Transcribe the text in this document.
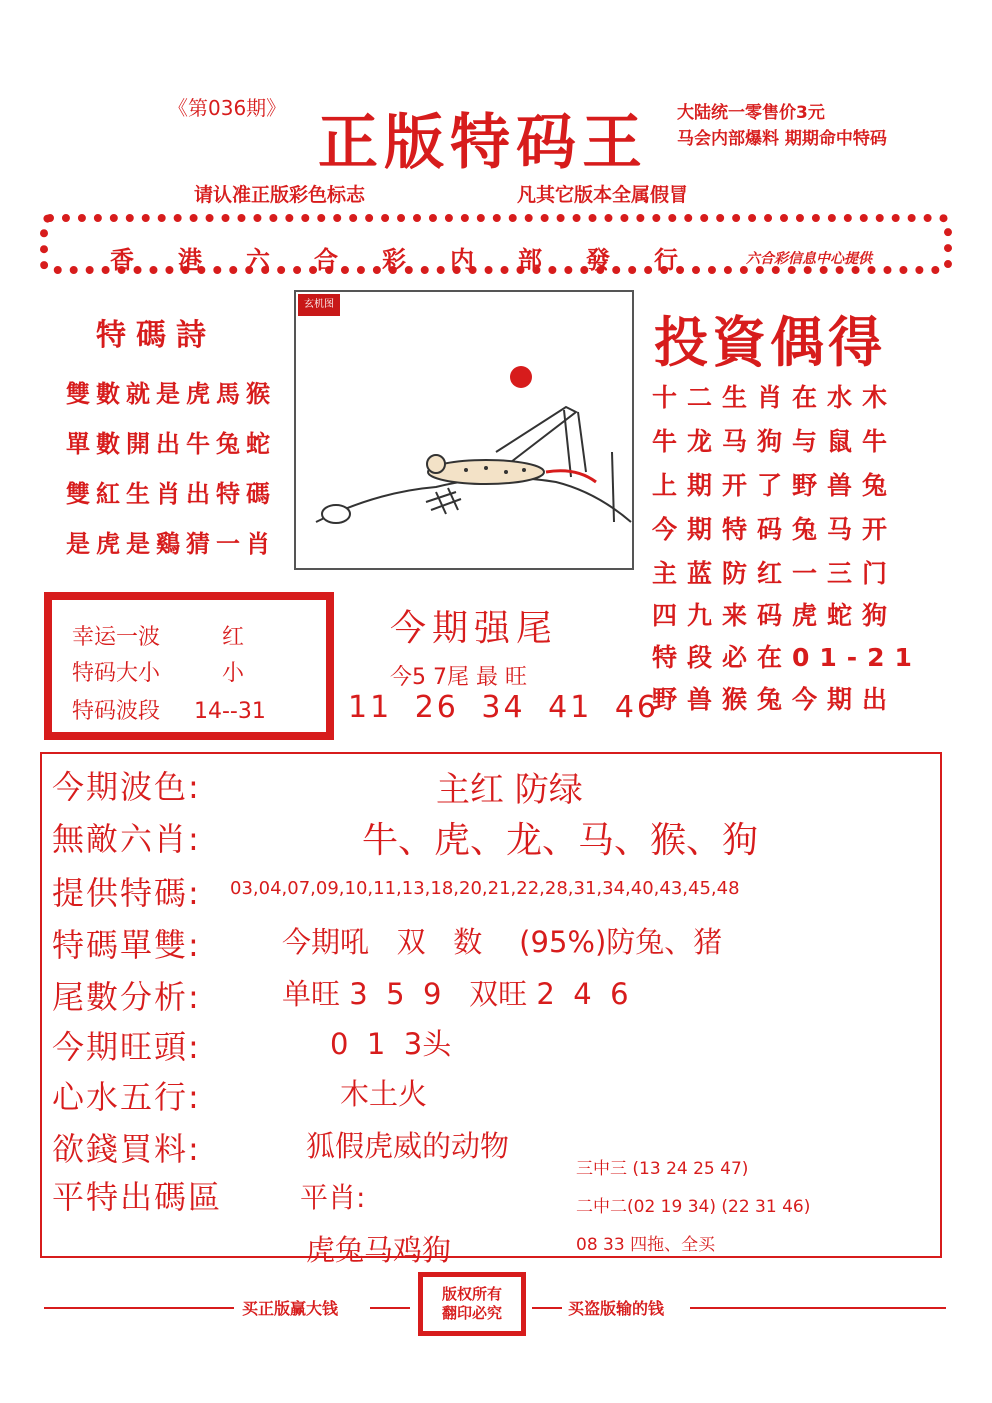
《第036期》 正版特码王 大陆统一零售价3元
马会内部爆料 期期命中特码
请认准正版彩色标志	凡其它版本全属假冒
香港六合彩内部發行 六合彩信息中心提供
特碼詩
雙數就是虎馬猴
單數開出牛兔蛇
雙紅生肖出特碼
是虎是鷄猜一肖
玄机图
投資偶得
十二生肖在水木
牛龙马狗与鼠牛
上期开了野兽兔
今期特码兔马开
主蓝防红一三门
四九来码虎蛇狗
特段必在01-21
野兽猴兔今期出
幸运一波	红
特码大小	小
特码波段 14--31
今期强尾
今5 7尾 最 旺
11 26 34 41 46
今期波色:	主红 防绿
無敵六肖:	牛、虎、龙、马、猴、狗
提供特碼: 03,04,07,09,10,11,13,18,20,21,22,28,31,34,40,43,45,48
特碼單雙:	今期吼   双   数    (95%)防兔、猪
尾數分析:	单旺 3  5  9   双旺 2  4  6
今期旺頭:	0  1  3头
心水五行:	木土火
欲錢買料:	狐假虎威的动物
平特出碼區	平肖:
虎兔马鸡狗
三中三 (13 24 25 47)
二中二(02 19 34) (22 31 46)
08 33 四拖、全买
买正版赢大钱
版权所有
翻印必究	买盗版输的钱
